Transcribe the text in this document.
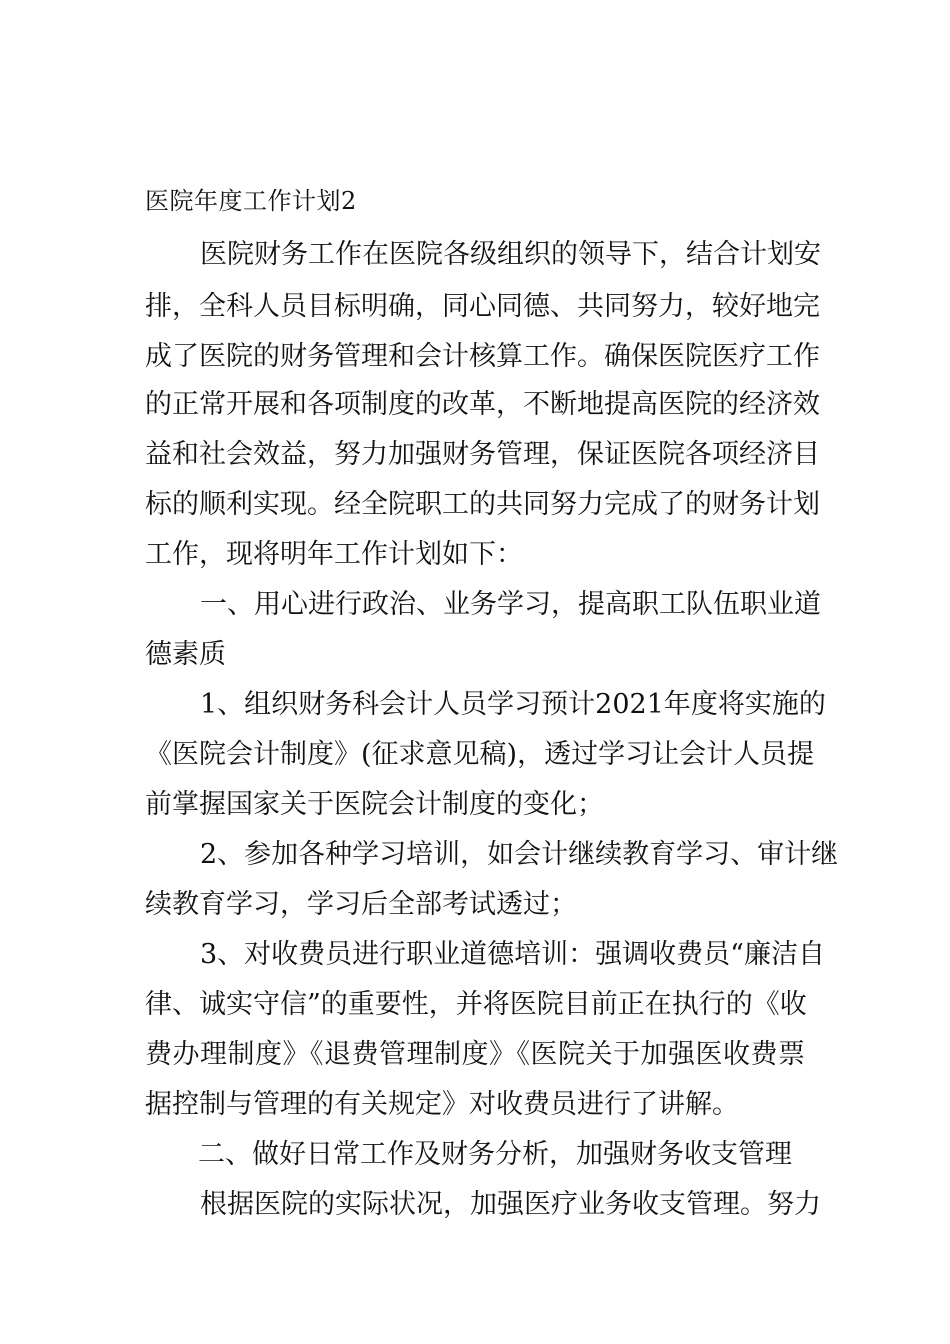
医院年度工作计划2
医院财务工作在医院各级组织的领导下，结合计划安
排，全科人员目标明确，同心同德、共同努力，较好地完
成了医院的财务管理和会计核算工作。确保医院医疗工作
的正常开展和各项制度的改革，不断地提高医院的经济效
益和社会效益，努力加强财务管理，保证医院各项经济目
标的顺利实现。经全院职工的共同努力完成了的财务计划
工作，现将明年工作计划如下：
一、用心进行政治、业务学习，提高职工队伍职业道
德素质
1、组织财务科会计人员学习预计2021年度将实施的
《医院会计制度》(征求意见稿)，透过学习让会计人员提
前掌握国家关于医院会计制度的变化；
2、参加各种学习培训，如会计继续教育学习、审计继
续教育学习，学习后全部考试透过；
3、对收费员进行职业道德培训：强调收费员“廉洁自
律、诚实守信”的重要性，并将医院目前正在执行的《收
费办理制度》《退费管理制度》《医院关于加强医收费票
据控制与管理的有关规定》对收费员进行了讲解。
二、做好日常工作及财务分析，加强财务收支管理
根据医院的实际状况，加强医疗业务收支管理。努力
